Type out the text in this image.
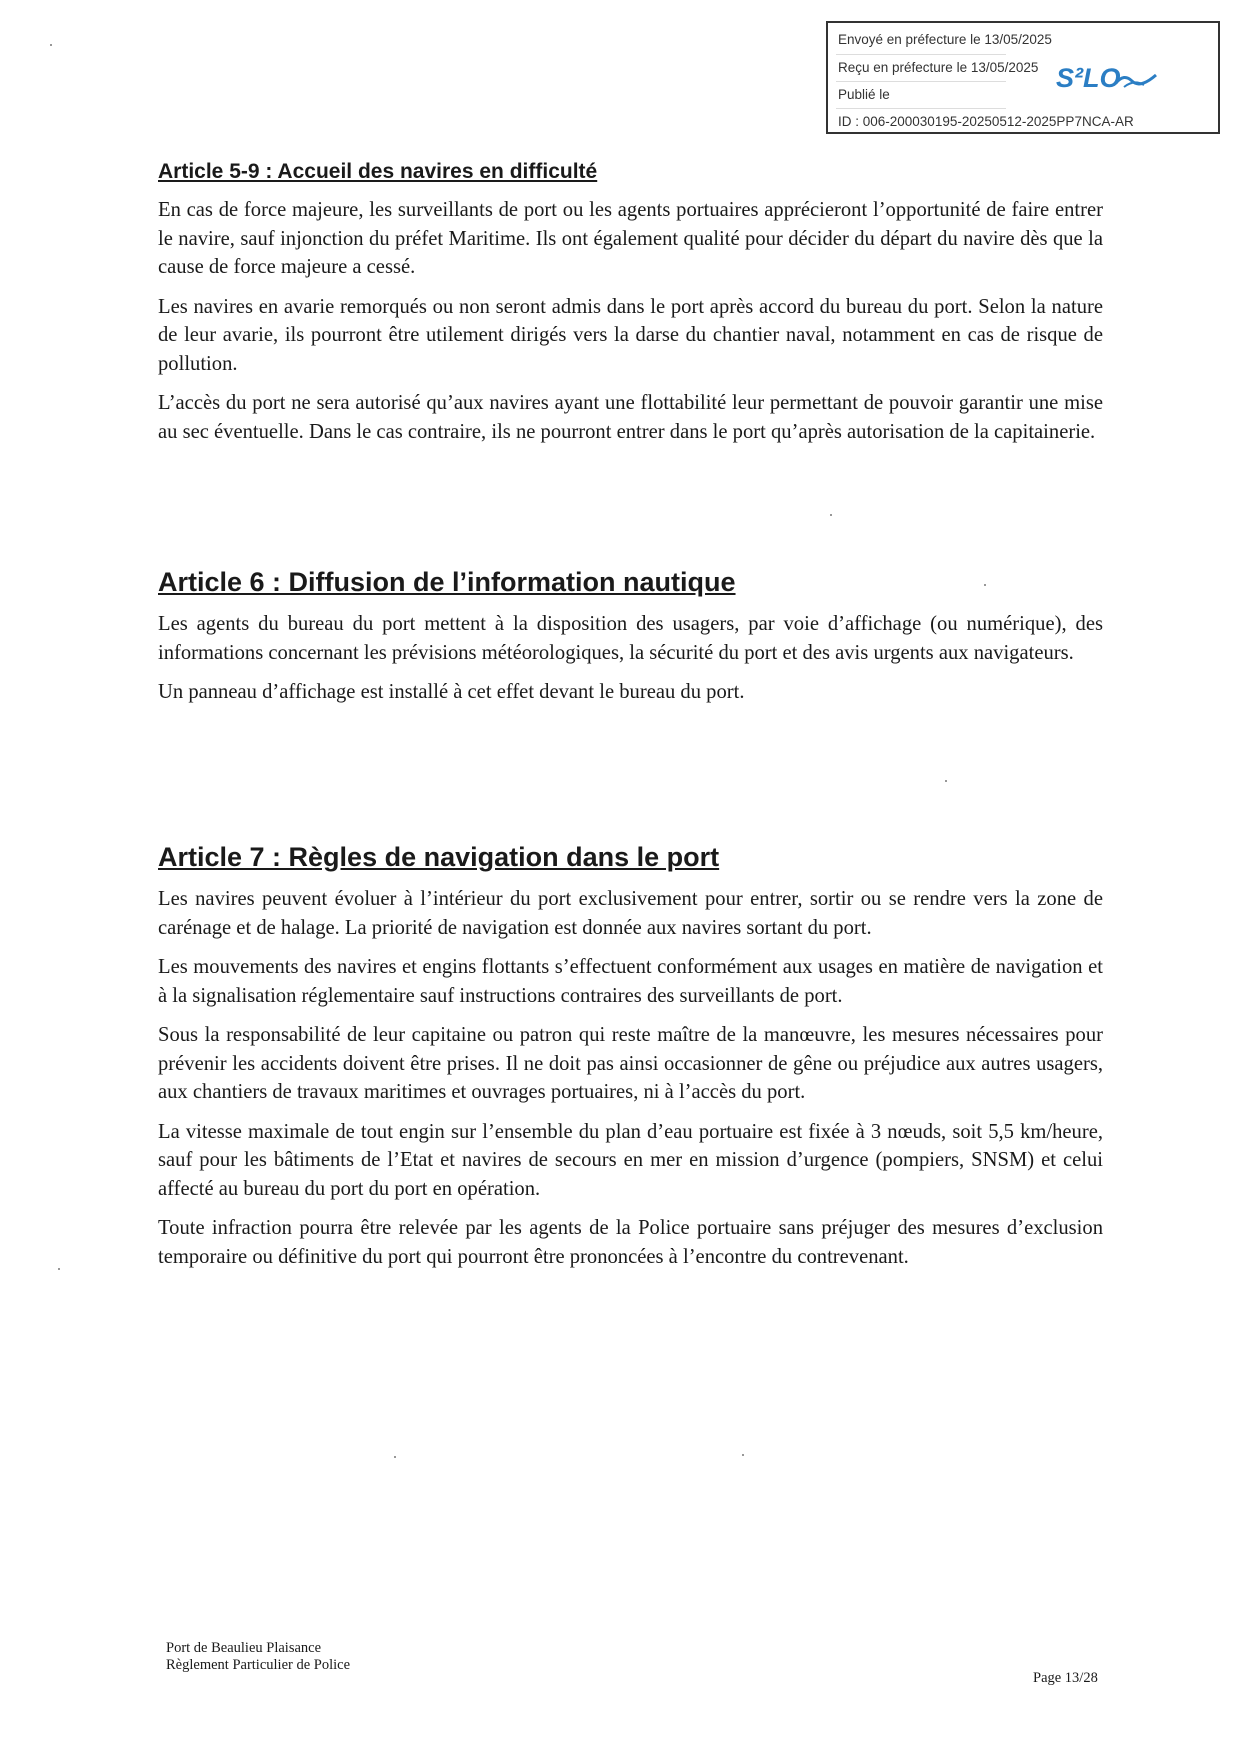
Envoyé en préfecture le 13/05/2025
Reçu en préfecture le 13/05/2025
Publié le
ID : 006-200030195-20250512-2025PP7NCA-AR
S²LO
Article 5-9 : Accueil des navires en difficulté

En cas de force majeure, les surveillants de port ou les agents portuaires apprécieront l’opportunité de faire entrer le navire, sauf injonction du préfet Maritime. Ils ont également qualité pour décider du départ du navire dès que la cause de force majeure a cessé.

Les navires en avarie remorqués ou non seront admis dans le port après accord du bureau du port. Selon la nature de leur avarie, ils pourront être utilement dirigés vers la darse du chantier naval, notamment en cas de risque de pollution.

L’accès du port ne sera autorisé qu’aux navires ayant une flottabilité leur permettant de pouvoir garantir une mise au sec éventuelle. Dans le cas contraire, ils ne pourront entrer dans le port qu’après autorisation de la capitainerie.

Article 6 : Diffusion de l’information nautique

Les agents du bureau du port mettent à la disposition des usagers, par voie d’affichage (ou numérique), des informations concernant les prévisions météorologiques, la sécurité du port et des avis urgents aux navigateurs.

Un panneau d’affichage est installé à cet effet devant le bureau du port.

Article 7 : Règles de navigation dans le port

Les navires peuvent évoluer à l’intérieur du port exclusivement pour entrer, sortir ou se rendre vers la zone de carénage et de halage. La priorité de navigation est donnée aux navires sortant du port.

Les mouvements des navires et engins flottants s’effectuent conformément aux usages en matière de navigation et à la signalisation réglementaire sauf instructions contraires des surveillants de port.

Sous la responsabilité de leur capitaine ou patron qui reste maître de la manœuvre, les mesures nécessaires pour prévenir les accidents doivent être prises. Il ne doit pas ainsi occasionner de gêne ou préjudice aux autres usagers, aux chantiers de travaux maritimes et ouvrages portuaires, ni à l’accès du port.

La vitesse maximale de tout engin sur l’ensemble du plan d’eau portuaire est fixée à 3 nœuds, soit 5,5 km/heure, sauf pour les bâtiments de l’Etat et navires de secours en mer en mission d’urgence (pompiers, SNSM) et celui affecté au bureau du port du port en opération.

Toute infraction pourra être relevée par les agents de la Police portuaire sans préjuger des mesures d’exclusion temporaire ou définitive du port qui pourront être prononcées à l’encontre du contrevenant.

Port de Beaulieu Plaisance
Règlement Particulier de Police
Page 13/28
